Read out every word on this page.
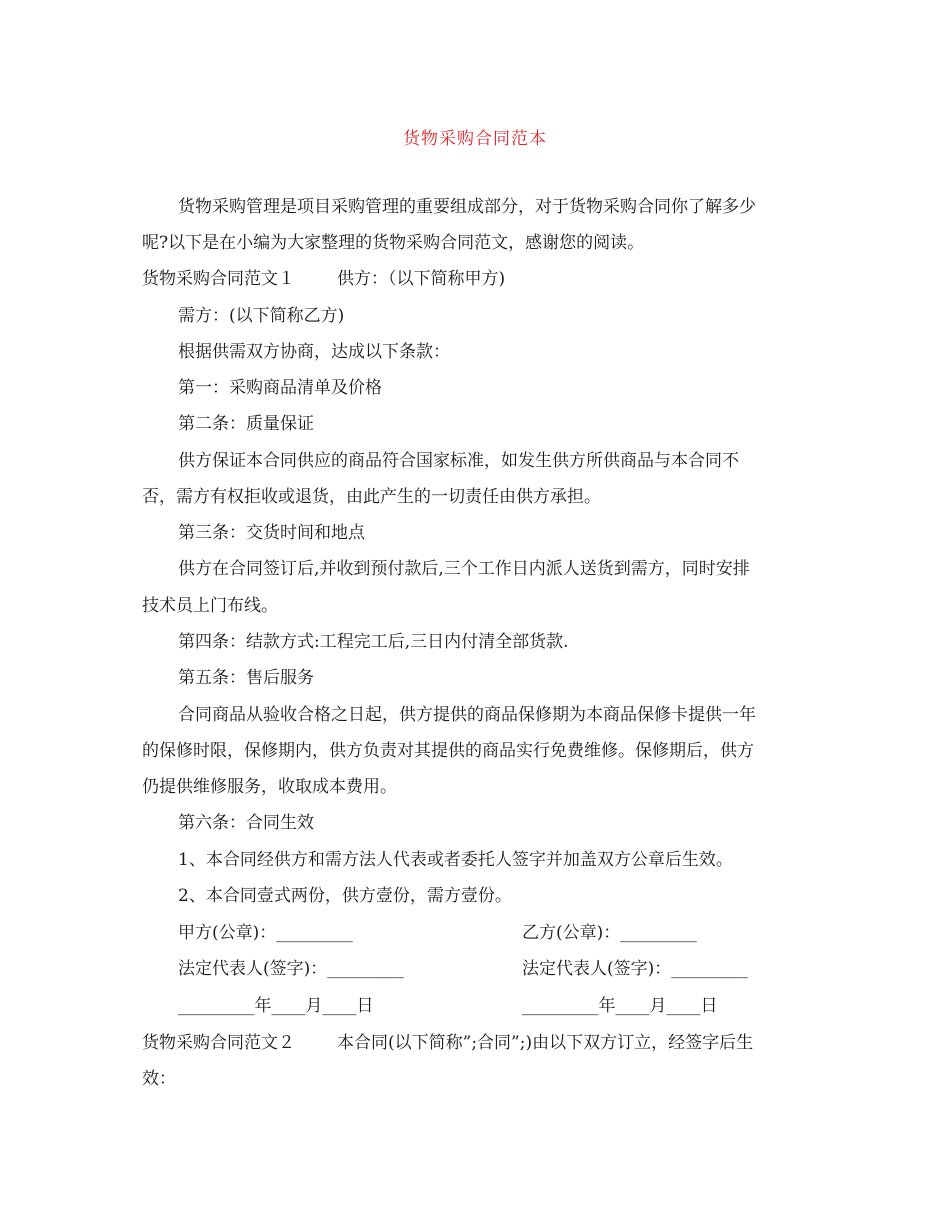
货物采购合同范本
货物采购管理是项目采购管理的重要组成部分，对于货物采购合同你了解多少
呢?以下是在小编为大家整理的货物采购合同范文，感谢您的阅读。
货物采购合同范文１ 供方：（以下简称甲方)
需方：(以下简称乙方)
根据供需双方协商，达成以下条款：
第一：采购商品清单及价格
第二条：质量保证
供方保证本合同供应的商品符合国家标准，如发生供方所供商品与本合同不
否，需方有权拒收或退货，由此产生的一切责任由供方承担。
第三条：交货时间和地点
供方在合同签订后,并收到预付款后,三个工作日内派人送货到需方，同时安排
技术员上门布线。
第四条：结款方式:工程完工后,三日内付清全部货款.
第五条：售后服务
合同商品从验收合格之日起，供方提供的商品保修期为本商品保修卡提供一年
的保修时限，保修期内，供方负责对其提供的商品实行免费维修。保修期后，供方
仍提供维修服务，收取成本费用。
第六条：合同生效
1、本合同经供方和需方法人代表或者委托人签字并加盖双方公章后生效。
2、本合同壹式两份，供方壹份，需方壹份。
甲方(公章)：_________	乙方(公章)：_________
法定代表人(签字)：_________	法定代表人(签字)：_________
_________年____月____日	_________年____月____日
货物采购合同范文２ 本合同(以下简称”;合同”;)由以下双方订立，经签字后生
效：
